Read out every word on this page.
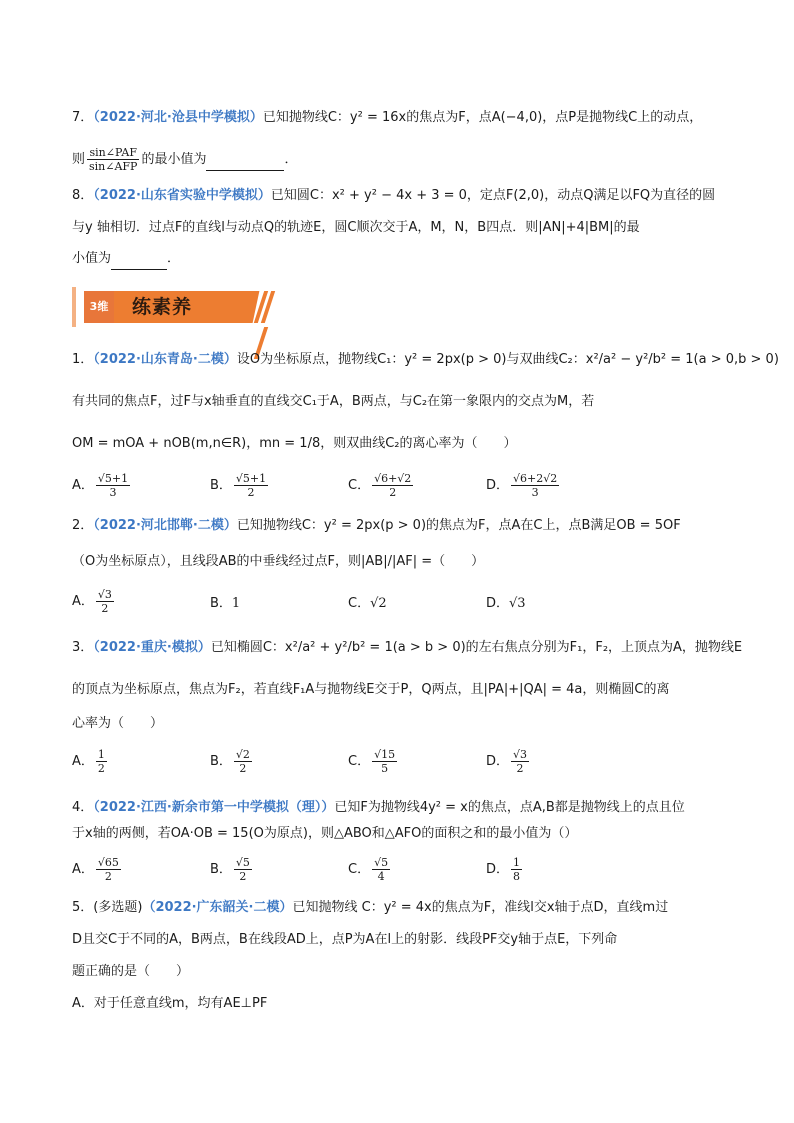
7．（2022·河北·沧县中学模拟）已知抛物线C：y² = 16x的焦点为F，点A(−4,0)，点P是抛物线C上的动点，
则 $\frac{\text{sin∠PAF}}{\text{sin∠AFP}}$ 的最小值为	．
8．（2022·山东省实验中学模拟）已知圆C：x² + y² − 4x + 3 = 0，定点F(2,0)，动点Q满足以FQ为直径的圆
与y 轴相切．过点F的直线l与动点Q的轨迹E，圆C顺次交于A，M，N，B四点．则|AN|+4|BM|的最
小值为	．
3维 练素养
1．（2022·山东青岛·二模）设O为坐标原点，抛物线C₁：y² = 2px(p > 0)与双曲线C₂：x²/a² − y²/b² = 1(a > 0,b > 0)
有共同的焦点F，过F与x轴垂直的直线交C₁于A，B两点，与C₂在第一象限内的交点为M，若
OM = mOA + nOB(m,n∈R)，mn = 1/8，则双曲线C₂的离心率为（　　）
A． $\frac{√5+1}{3}$	B． $\frac{√5+1}{2}$	C． $\frac{√6+√2}{2}$	D． $\frac{√6+2√2}{3}$
2．（2022·河北邯郸·二模）已知抛物线C：y² = 2px(p > 0)的焦点为F，点A在C上，点B满足OB = 5OF
（O为坐标原点），且线段AB的中垂线经过点F，则|AB|/|AF| =（　　）
A． $\frac{√3}{2}$	B．1	C．√2	D．√3
3．（2022·重庆·模拟）已知椭圆C：x²/a² + y²/b² = 1(a > b > 0)的左右焦点分别为F₁，F₂，上顶点为A，抛物线E
的顶点为坐标原点，焦点为F₂，若直线F₁A与抛物线E交于P，Q两点，且|PA|+|QA| = 4a，则椭圆C的离
心率为（　　）
A． $\frac{1}{2}$	B． $\frac{√2}{2}$	C． $\frac{√15}{5}$	D． $\frac{√3}{2}$
4．（2022·江西·新余市第一中学模拟（理））已知F为抛物线4y² = x的焦点，点A,B都是抛物线上的点且位
于x轴的两侧，若OA·OB = 15(O为原点)，则△ABO和△AFO的面积之和的最小值为（）
A． $\frac{√65}{2}$	B． $\frac{√5}{2}$	C． $\frac{√5}{4}$	D． $\frac{1}{8}$
5．(多选题)（2022·广东韶关·二模）已知抛物线 C：y² = 4x的焦点为F，准线l交x轴于点D，直线m过
D且交C于不同的A，B两点，B在线段AD上，点P为A在l上的射影．线段PF交y轴于点E，下列命
题正确的是（　　）
A．对于任意直线m，均有AE⊥PF
